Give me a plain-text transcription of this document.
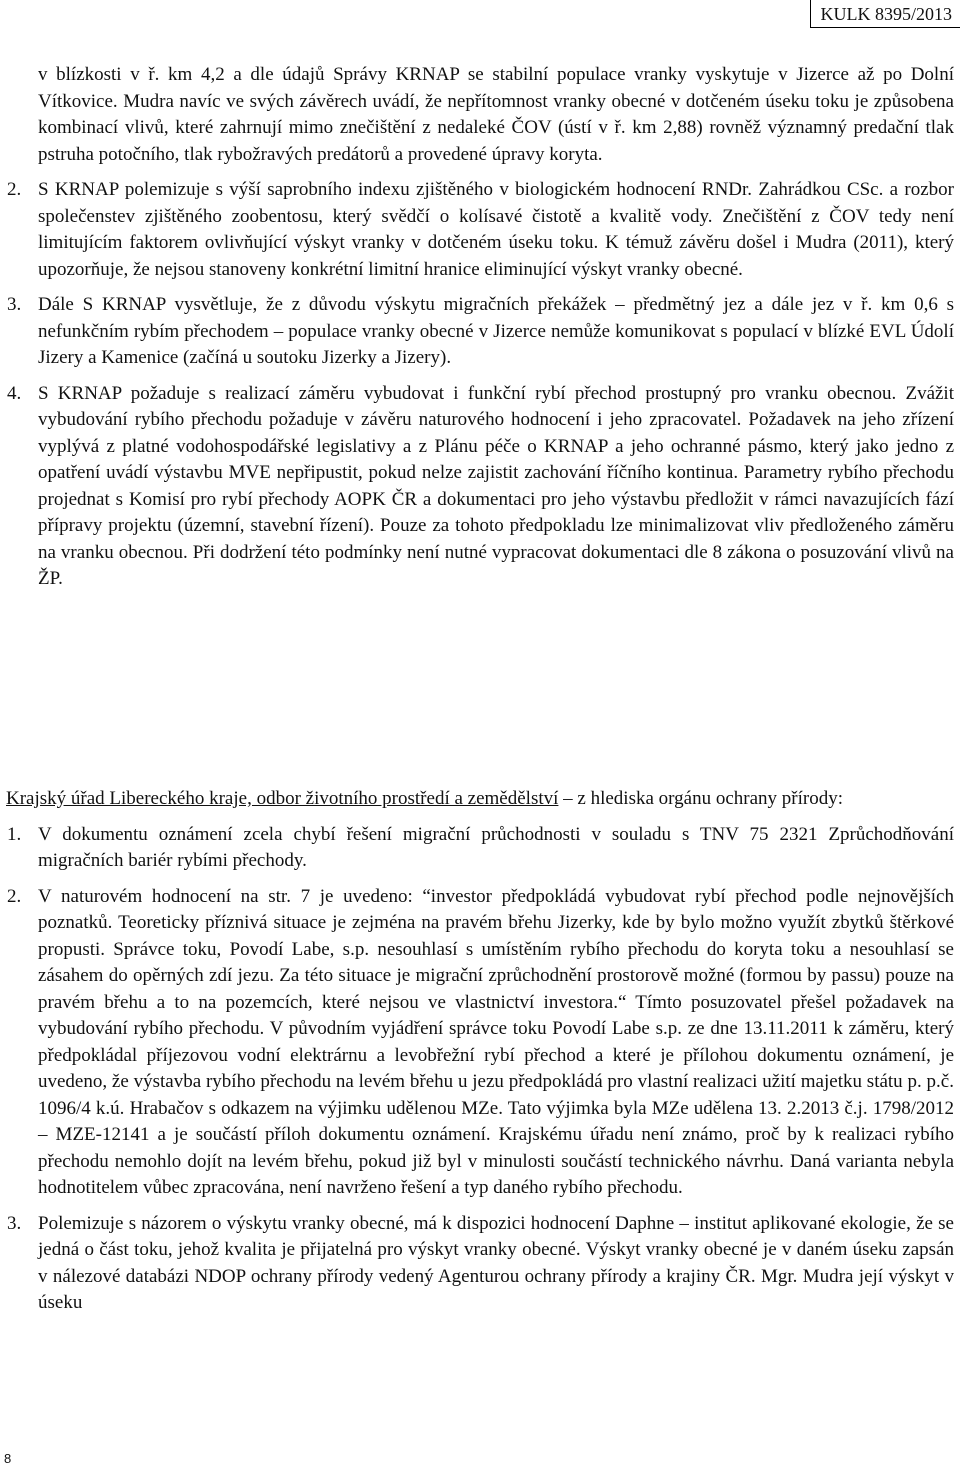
KULK 8395/2013

v blízkosti v ř. km 4,2 a dle údajů Správy KRNAP se stabilní populace vranky vyskytuje v Jizerce až po Dolní Vítkovice. Mudra navíc ve svých závěrech uvádí, že nepřítomnost vranky obecné v dotčeném úseku toku je způsobena kombinací vlivů, které zahrnují mimo znečištění z nedaleké ČOV (ústí v ř. km 2,88) rovněž významný predační tlak pstruha potočního, tlak rybožravých predátorů a provedené úpravy koryta.

2. S KRNAP polemizuje s výší saprobního indexu zjištěného v biologickém hodnocení RNDr. Zahrádkou CSc. a rozbor společenstev zjištěného zoobentosu, který svědčí o kolísavé čistotě a kvalitě vody. Znečištění z ČOV tedy není limitujícím faktorem ovlivňující výskyt vranky v dotčeném úseku toku. K témuž závěru došel i Mudra (2011), který upozorňuje, že nejsou stanoveny konkrétní limitní hranice eliminující výskyt vranky obecné.
3. Dále S KRNAP vysvětluje, že z důvodu výskytu migračních překážek – předmětný jez a dále jez v ř. km 0,6 s nefunkčním rybím přechodem – populace vranky obecné v Jizerce nemůže komunikovat s populací v blízké EVL Údolí Jizery a Kamenice (začíná u soutoku Jizerky a Jizery).
4. S KRNAP požaduje s realizací záměru vybudovat i funkční rybí přechod prostupný pro vranku obecnou. Zvážit vybudování rybího přechodu požaduje v závěru naturového hodnocení i jeho zpracovatel. Požadavek na jeho zřízení vyplývá z platné vodohospodářské legislativy a z Plánu péče o KRNAP a jeho ochranné pásmo, který jako jedno z opatření uvádí výstavbu MVE nepřipustit, pokud nelze zajistit zachování říčního kontinua. Parametry rybího přechodu projednat s Komisí pro rybí přechody AOPK ČR a dokumentaci pro jeho výstavbu předložit v rámci navazujících fází přípravy projektu (územní, stavební řízení). Pouze za tohoto předpokladu lze minimalizovat vliv předloženého záměru na vranku obecnou. Při dodržení této podmínky není nutné vypracovat dokumentaci dle 8 zákona o posuzování vlivů na ŽP.

Krajský úřad Libereckého kraje, odbor životního prostředí a zemědělství – z hlediska orgánu ochrany přírody:

1. V dokumentu oznámení zcela chybí řešení migrační průchodnosti v souladu s TNV 75 2321 Zprůchodňování migračních bariér rybími přechody.
2. V naturovém hodnocení na str. 7 je uvedeno: “investor předpokládá vybudovat rybí přechod podle nejnovějších poznatků. Teoreticky příznivá situace je zejména na pravém břehu Jizerky, kde by bylo možno využít zbytků štěrkové propusti. Správce toku, Povodí Labe, s.p. nesouhlasí s umístěním rybího přechodu do koryta toku a nesouhlasí se zásahem do opěrných zdí jezu. Za této situace je migrační zprůchodnění prostorově možné (formou by passu) pouze na pravém břehu a to na pozemcích, které nejsou ve vlastnictví investora.“ Tímto posuzovatel přešel požadavek na vybudování rybího přechodu. V původním vyjádření správce toku Povodí Labe s.p. ze dne 13.11.2011 k záměru, který předpokládal příjezovou vodní elektrárnu a levobřežní rybí přechod a které je přílohou dokumentu oznámení, je uvedeno, že výstavba rybího přechodu na levém břehu u jezu předpokládá pro vlastní realizaci užití majetku státu p. p.č. 1096/4 k.ú. Hrabačov s odkazem na výjimku udělenou MZe. Tato výjimka byla MZe udělena 13. 2.2013 č.j. 1798/2012 – MZE-12141 a je součástí příloh dokumentu oznámení. Krajskému úřadu není známo, proč by k realizaci rybího přechodu nemohlo dojít na levém břehu, pokud již byl v minulosti součástí technického návrhu. Daná varianta nebyla hodnotitelem vůbec zpracována, není navrženo řešení a typ daného rybího přechodu.
3. Polemizuje s názorem o výskytu vranky obecné, má k dispozici hodnocení Daphne – institut aplikované ekologie, že se jedná o část toku, jehož kvalita je přijatelná pro výskyt vranky obecné. Výskyt vranky obecné je v daném úseku zapsán v nálezové databázi NDOP ochrany přírody vedený Agenturou ochrany přírody a krajiny ČR. Mgr. Mudra její výskyt v úseku
8
